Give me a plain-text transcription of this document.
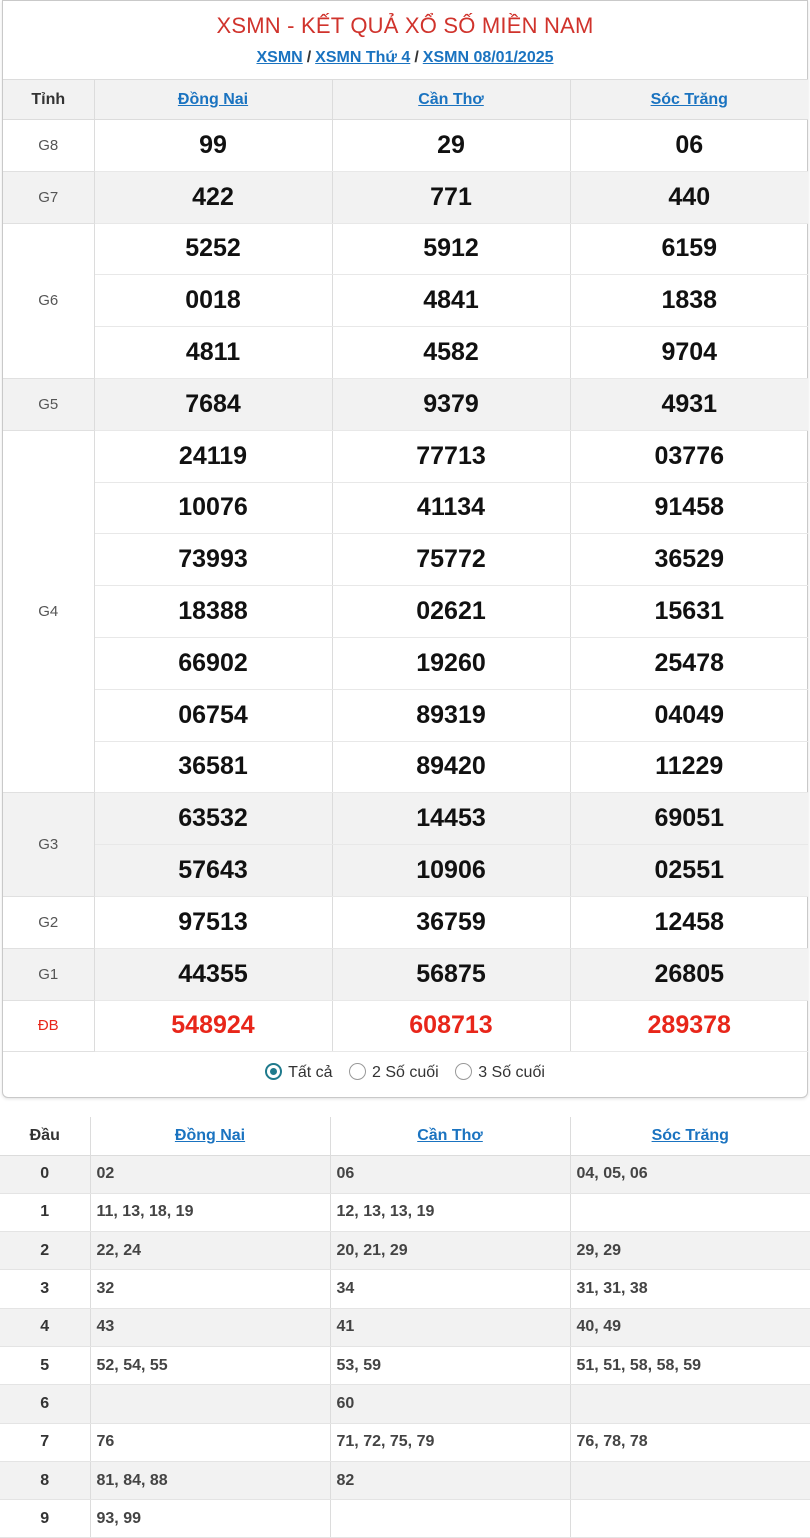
XSMN - KẾT QUẢ XỔ SỐ MIỀN NAM
XSMN / XSMN Thứ 4 / XSMN 08/01/2025
Tỉnh	Đồng Nai	Cần Thơ	Sóc Trăng
G8	99	29	06
G7	422	771	440
G6	5252	5912	6159
	0018	4841	1838
	4811	4582	9704
G5	7684	9379	4931
G4	24119	77713	03776
	10076	41134	91458
	73993	75772	36529
	18388	02621	15631
	66902	19260	25478
	06754	89319	04049
	36581	89420	11229
G3	63532	14453	69051
	57643	10906	02551
G2	97513	36759	12458
G1	44355	56875	26805
ĐB	548924	608713	289378
Tất cả 2 Số cuối 3 Số cuối
Đầu	Đồng Nai	Cần Thơ	Sóc Trăng
0	02	06	04, 05, 06
1	11, 13, 18, 19	12, 13, 13, 19	
2	22, 24	20, 21, 29	29, 29
3	32	34	31, 31, 38
4	43	41	40, 49
5	52, 54, 55	53, 59	51, 51, 58, 58, 59
6		60	
7	76	71, 72, 75, 79	76, 78, 78
8	81, 84, 88	82	
9	93, 99		
